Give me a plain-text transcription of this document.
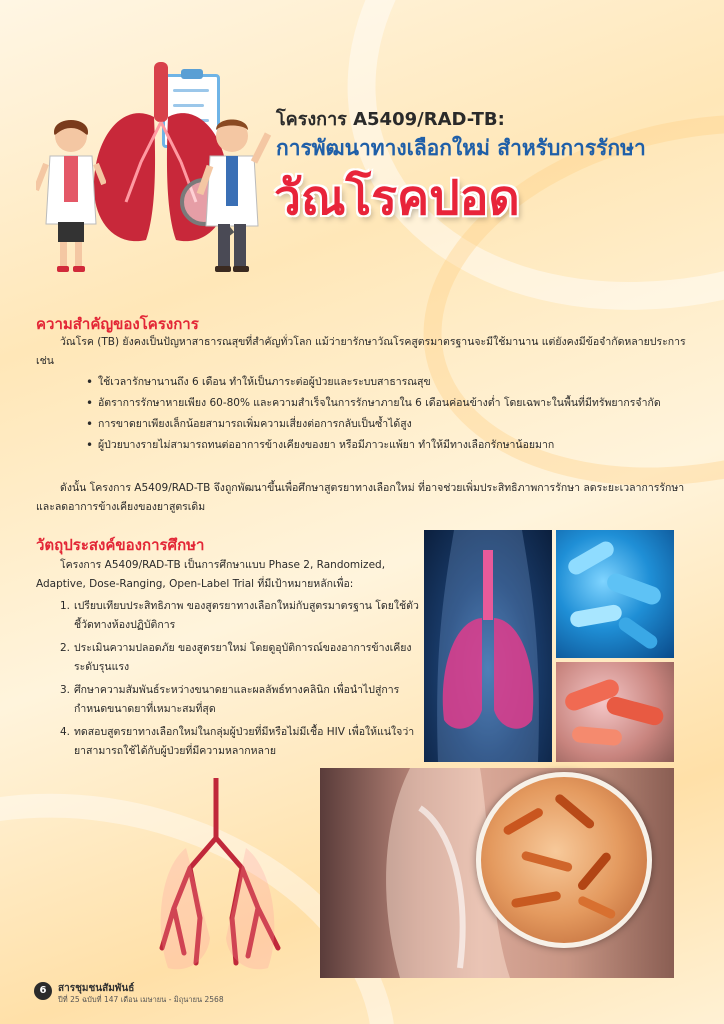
โครงการ A5409/RAD-TB:
การพัฒนาทางเลือกใหม่ สำหรับการรักษา
วัณโรคปอด
ความสำคัญของโครงการ

วัณโรค (TB) ยังคงเป็นปัญหาสาธารณสุขที่สำคัญทั่วโลก แม้ว่ายารักษาวัณโรคสูตรมาตรฐานจะมีใช้มานาน แต่ยังคงมีข้อจำกัดหลายประการ เช่น

• ใช้เวลารักษานานถึง 6 เดือน ทำให้เป็นภาระต่อผู้ป่วยและระบบสาธารณสุข
• อัตราการรักษาหายเพียง 60-80% และความสำเร็จในการรักษาภายใน 6 เดือนค่อนข้างต่ำ โดยเฉพาะในพื้นที่มีทรัพยากรจำกัด
• การขาดยาเพียงเล็กน้อยสามารถเพิ่มความเสี่ยงต่อการกลับเป็นซ้ำได้สูง
• ผู้ป่วยบางรายไม่สามารถทนต่ออาการข้างเคียงของยา หรือมีภาวะแพ้ยา ทำให้มีทางเลือกรักษาน้อยมาก

ดังนั้น โครงการ A5409/RAD-TB จึงถูกพัฒนาขึ้นเพื่อศึกษาสูตรยาทางเลือกใหม่ ที่อาจช่วยเพิ่มประสิทธิภาพการรักษา ลดระยะเวลาการรักษา และลดอาการข้างเคียงของยาสูตรเดิม

วัตถุประสงค์ของการศึกษา

โครงการ A5409/RAD-TB เป็นการศึกษาแบบ Phase 2, Randomized, Adaptive, Dose-Ranging, Open-Label Trial ที่มีเป้าหมายหลักเพื่อ:

1. เปรียบเทียบประสิทธิภาพ ของสูตรยาทางเลือกใหม่กับสูตรมาตรฐาน โดยใช้ตัวชี้วัดทางห้องปฏิบัติการ
2. ประเมินความปลอดภัย ของสูตรยาใหม่ โดยดูอุบัติการณ์ของอาการข้างเคียงระดับรุนแรง
3. ศึกษาความสัมพันธ์ระหว่างขนาดยาและผลลัพธ์ทางคลินิก เพื่อนำไปสู่การกำหนดขนาดยาที่เหมาะสมที่สุด
4. ทดสอบสูตรยาทางเลือกใหม่ในกลุ่มผู้ป่วยที่มีหรือไม่มีเชื้อ HIV เพื่อให้แน่ใจว่ายาสามารถใช้ได้กับผู้ป่วยที่มีความหลากหลาย
6	สารชุมชนสัมพันธ์
ปีที่ 25 ฉบับที่ 147 เดือน เมษายน - มิถุนายน 2568
